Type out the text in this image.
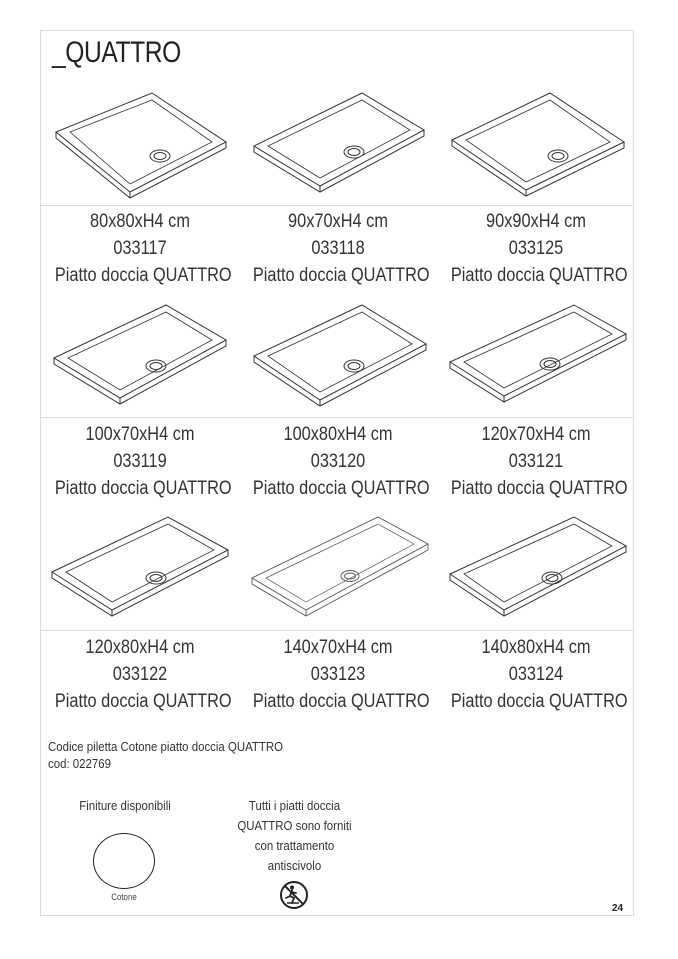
_QUATTRO
80x80xH4 cm
033117
Piatto doccia QUATTRO
90x70xH4 cm
033118
Piatto doccia QUATTRO
90x90xH4 cm
033125
Piatto doccia QUATTRO
100x70xH4 cm
033119
Piatto doccia QUATTRO
100x80xH4 cm
033120
Piatto doccia QUATTRO
120x70xH4 cm
033121
Piatto doccia QUATTRO
120x80xH4 cm
033122
Piatto doccia QUATTRO
140x70xH4 cm
033123
Piatto doccia QUATTRO
140x80xH4 cm
033124
Piatto doccia QUATTRO
Codice piletta Cotone piatto doccia QUATTRO
cod: 022769
Finiture disponibili
Cotone
Tutti i piatti doccia
QUATTRO sono forniti
con trattamento
antiscivolo
24
